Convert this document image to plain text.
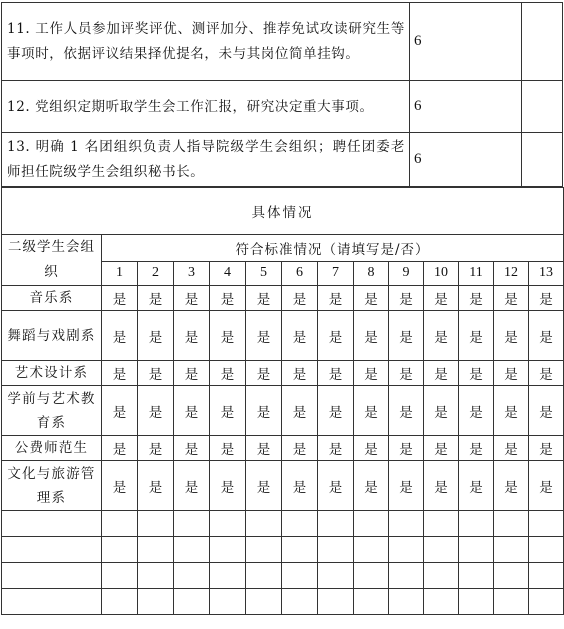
11. 工作人员参加评奖评优、测评加分、推荐免试攻读研究生等事项时，依据评议结果择优提名，未与其岗位简单挂钩。	6	
12. 党组织定期听取学生会工作汇报，研究决定重大事项。	6	
13. 明确 1 名团组织负责人指导院级学生会组织；聘任团委老师担任院级学生会组织秘书长。	6	
具体情况													
二级学生会组织	符合标准情况（请填写是/否）												
	1	2	3	4	5	6	7	8	9	10	11	12	13
音乐系	是	是	是	是	是	是	是	是	是	是	是	是	是
舞蹈与戏剧系	是	是	是	是	是	是	是	是	是	是	是	是	是
艺术设计系	是	是	是	是	是	是	是	是	是	是	是	是	是
学前与艺术教育系	是	是	是	是	是	是	是	是	是	是	是	是	是
公费师范生	是	是	是	是	是	是	是	是	是	是	是	是	是
文化与旅游管理系	是	是	是	是	是	是	是	是	是	是	是	是	是
